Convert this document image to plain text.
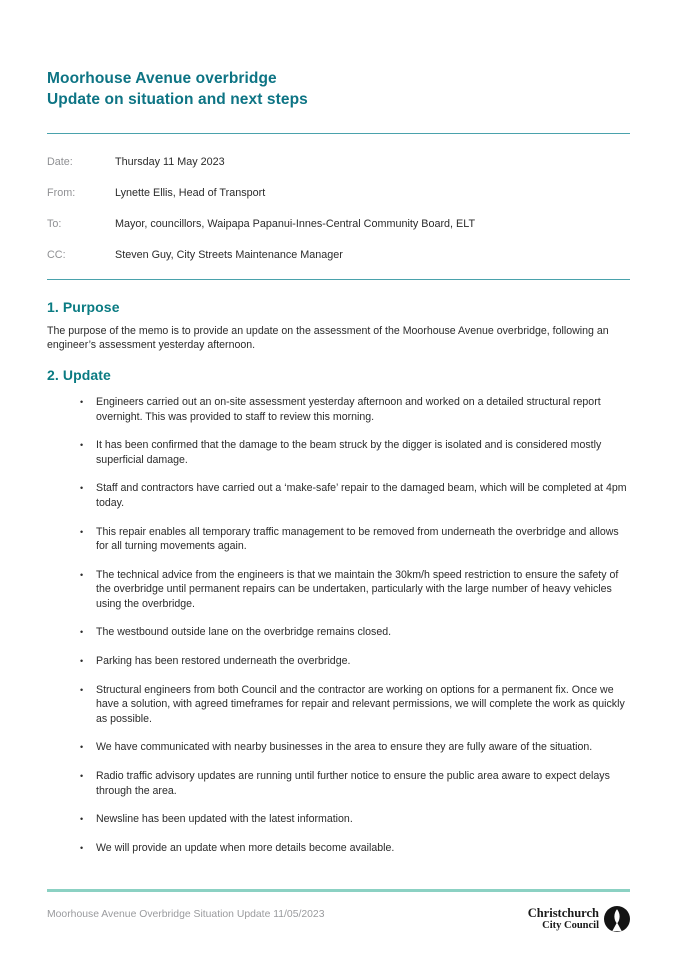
Moorhouse Avenue overbridge
Update on situation and next steps
Date:	Thursday 11 May 2023
From:	Lynette Ellis, Head of Transport
To:	Mayor, councillors, Waipapa Papanui-Innes-Central Community Board, ELT
CC:	Steven Guy, City Streets Maintenance Manager
1. Purpose

The purpose of the memo is to provide an update on the assessment of the Moorhouse Avenue overbridge, following an engineer’s assessment yesterday afternoon.

2. Update
•	Engineers carried out an on-site assessment yesterday afternoon and worked on a detailed structural report overnight. This was provided to staff to review this morning.
•	It has been confirmed that the damage to the beam struck by the digger is isolated and is considered mostly superficial damage.
•	Staff and contractors have carried out a ‘make-safe’ repair to the damaged beam, which will be completed at 4pm today.
•	This repair enables all temporary traffic management to be removed from underneath the overbridge and allows for all turning movements again.
•	The technical advice from the engineers is that we maintain the 30km/h speed restriction to ensure the safety of the overbridge until permanent repairs can be undertaken, particularly with the large number of heavy vehicles using the overbridge.
•	The westbound outside lane on the overbridge remains closed.
•	Parking has been restored underneath the overbridge.
•	Structural engineers from both Council and the contractor are working on options for a permanent fix. Once we have a solution, with agreed timeframes for repair and relevant permissions, we will complete the work as quickly as possible.
•	We have communicated with nearby businesses in the area to ensure they are fully aware of the situation.
•	Radio traffic advisory updates are running until further notice to ensure the public area aware to expect delays through the area.
•	Newsline has been updated with the latest information.
•	We will provide an update when more details become available.
Moorhouse Avenue Overbridge Situation Update 11/05/2023	Christchurch
City Council
